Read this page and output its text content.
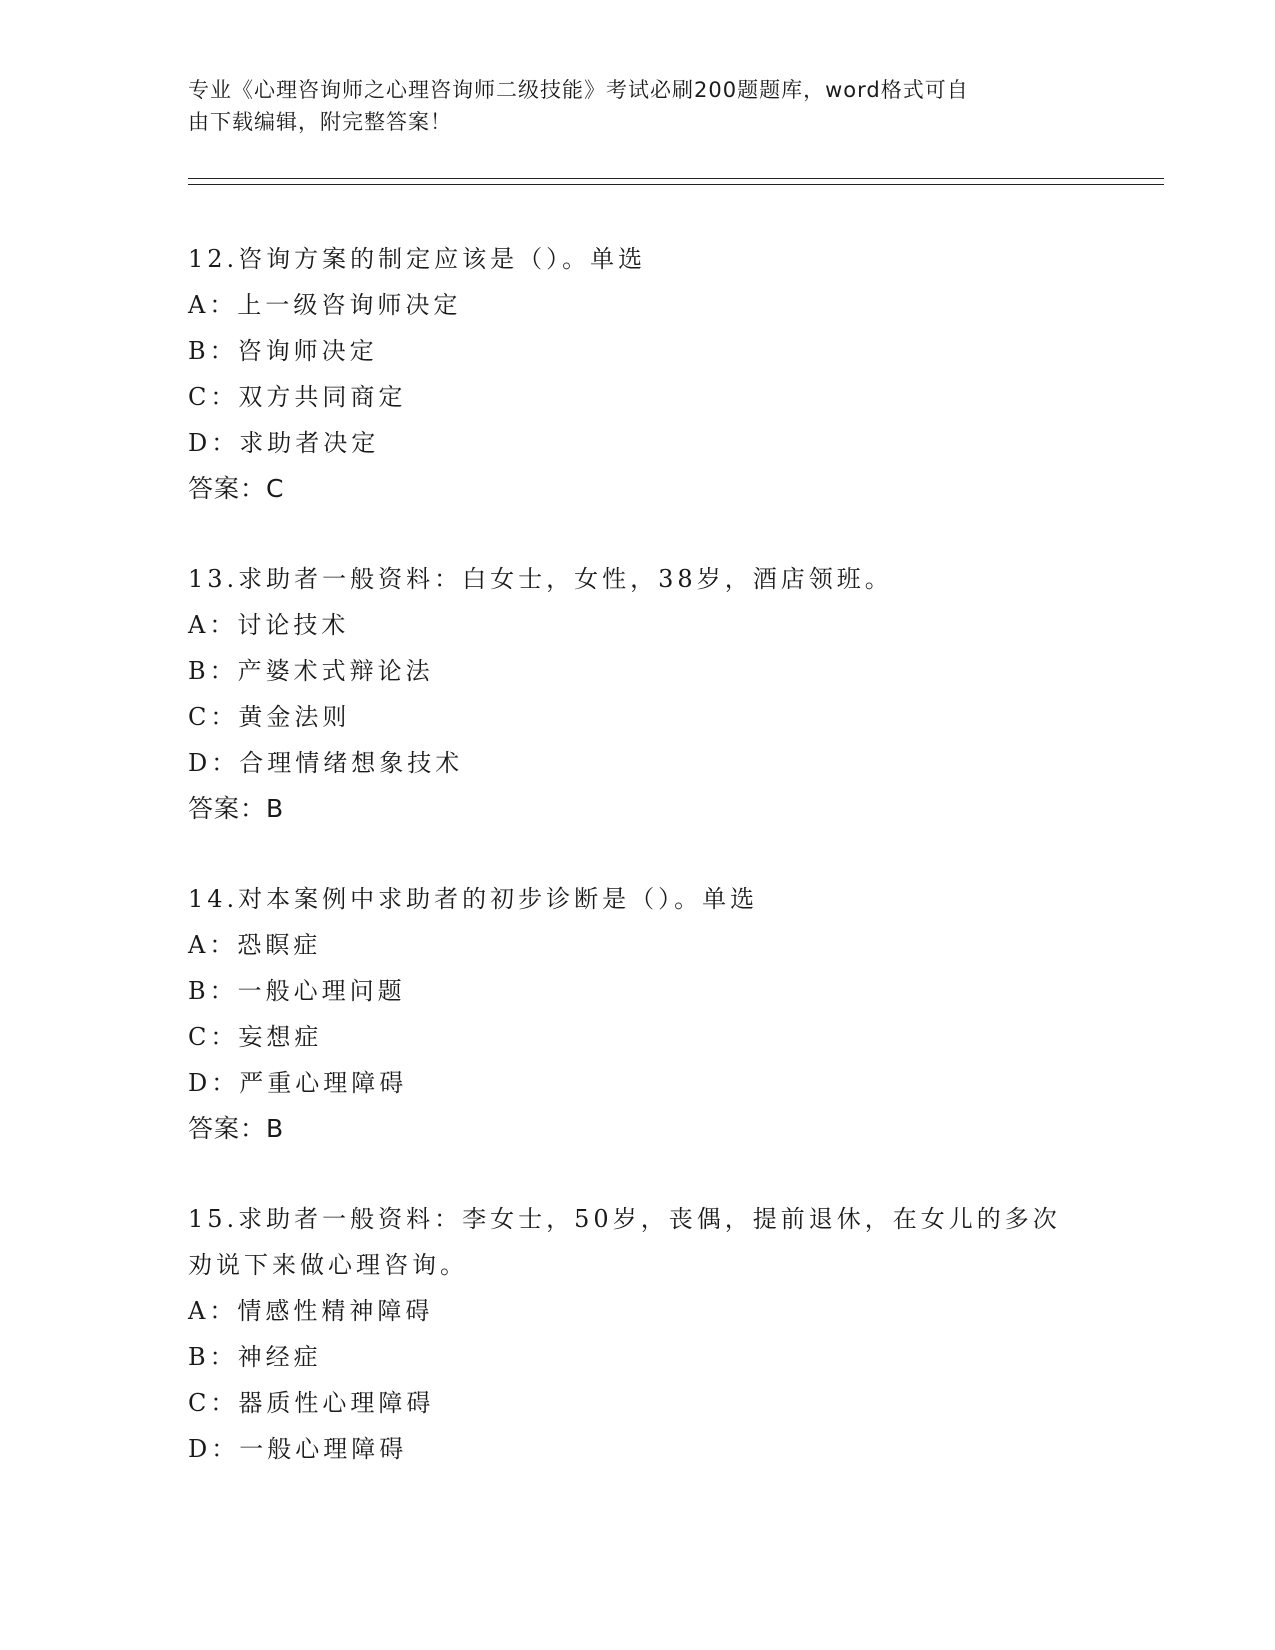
专业《心理咨询师之心理咨询师二级技能》考试必刷200题题库，word格式可自
由下载编辑，附完整答案！
12.咨询方案的制定应该是（）。单选
A：上一级咨询师决定
B：咨询师决定
C：双方共同商定
D：求助者决定
答案：C
13.求助者一般资料：白女士，女性，38岁，酒店领班。
A：讨论技术
B：产婆术式辩论法
C：黄金法则
D：合理情绪想象技术
答案：B
14.对本案例中求助者的初步诊断是（）。单选
A：恐瞑症
B：一般心理问题
C：妄想症
D：严重心理障碍
答案：B
15.求助者一般资料：李女士，50岁，丧偶，提前退休，在女儿的多次
劝说下来做心理咨询。
A：情感性精神障碍
B：神经症
C：器质性心理障碍
D：一般心理障碍
